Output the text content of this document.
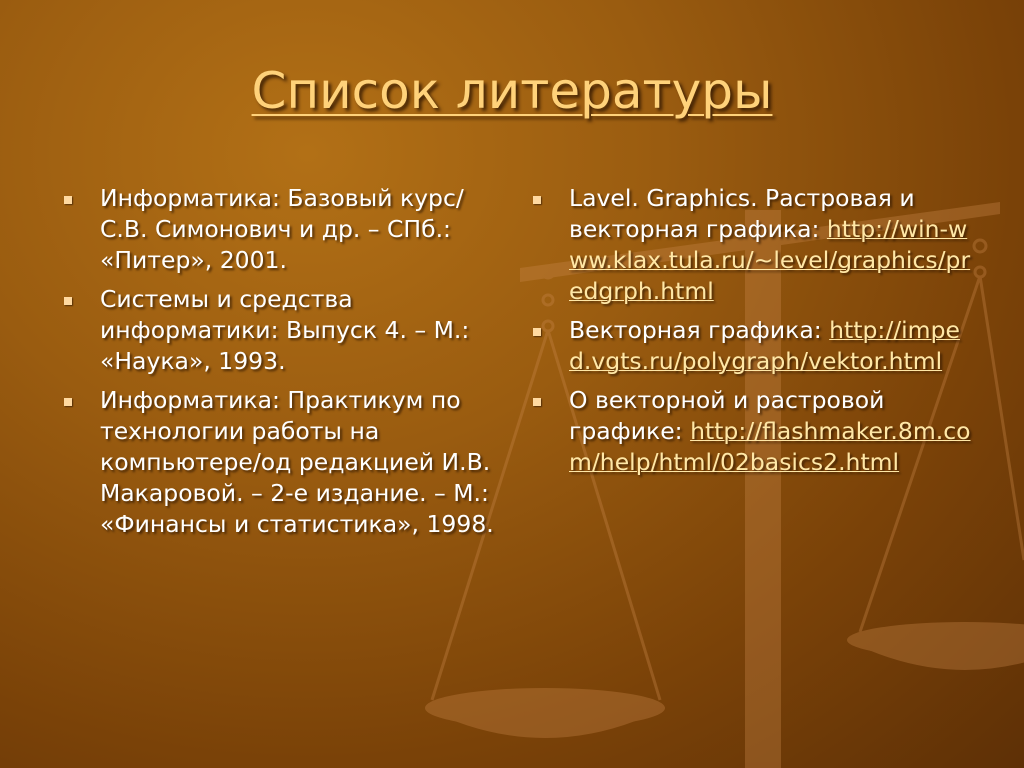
Список литературы
Информатика: Базовый курс/С.В. Симонович и др. – СПб.: «Питер», 2001.
Системы и средства информатики: Выпуск 4. – М.: «Наука», 1993.
Информатика: Практикум по технологии работы на компьютере/од редакцией И.В. Макаровой. – 2-е издание. – М.: «Финансы и статистика», 1998.
Lavel. Graphics. Растровая и векторная графика: http://win-www.klax.tula.ru/~level/graphics/predgrph.html
Векторная графика: http://imped.vgts.ru/polygraph/vektor.html
О векторной и растровой графике: http://flashmaker.8m.com/help/html/02basics2.html
